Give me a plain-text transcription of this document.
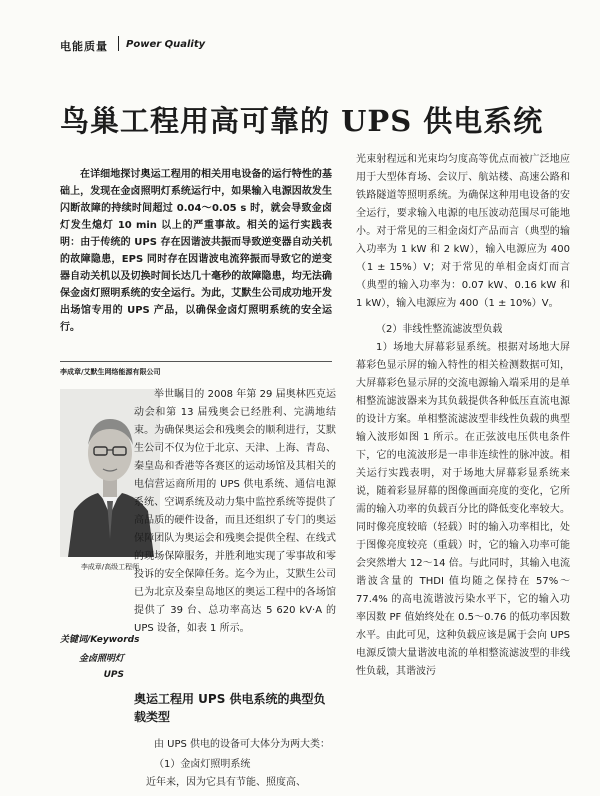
电能质量 Power Quality
鸟巢工程用高可靠的 UPS 供电系统
在详细地探讨奥运工程用的相关用电设备的运行特性的基础上，发现在金卤照明灯系统运行中，如果输入电源因故发生闪断故障的持续时间超过 0.04～0.05 s 时，就会导致金卤灯发生熄灯 10 min 以上的严重事故。相关的运行实践表明：由于传统的 UPS 存在因谐波共振而导致逆变器自动关机的故障隐患，EPS 同时存在因谐波电流猝振而导致它的逆变器自动关机以及切换时间长达几十毫秒的故障隐患，均无法确保金卤灯照明系统的安全运行。为此，艾默生公司成功地开发出场馆专用的 UPS 产品，以确保金卤灯照明系统的安全运行。
李成章/艾默生网络能源有限公司
李成章/高级工程师
关键词/Keywords
金卤照明灯
UPS
举世瞩目的 2008 年第 29 届奥林匹克运动会和第 13 届残奥会已经胜利、完满地结束。为确保奥运会和残奥会的顺利进行，艾默生公司不仅为位于北京、天津、上海、青岛、秦皇岛和香港等各赛区的运动场馆及其相关的电信营运商所用的 UPS 供电系统、通信电源系统、空调系统及动力集中监控系统等提供了高品质的硬件设备，而且还组织了专门的奥运保障团队为奥运会和残奥会提供全程、在线式的现场保障服务，并胜利地实现了零事故和零投诉的安全保障任务。迄今为止，艾默生公司已为北京及秦皇岛地区的奥运工程中的各场馆提供了 39 台、总功率高达 5 620 kV·A 的 UPS 设备，如表 1 所示。
奥运工程用 UPS 供电系统的典型负载类型
由 UPS 供电的设备可大体分为两大类：
（1）金卤灯照明系统
近年来，因为它具有节能、照度高、

光束射程远和光束均匀度高等优点而被广泛地应用于大型体育场、会议厅、航站楼、高速公路和铁路隧道等照明系统。为确保这种用电设备的安全运行，要求输入电源的电压波动范围尽可能地小。对于常见的三相金卤灯产品而言（典型的输入功率为 1 kW 和 2 kW），输入电源应为 400（1 ± 15%）V；对于常见的单相金卤灯而言（典型的输入功率为：0.07 kW、0.16 kW 和 1 kW），输入电源应为 400（1 ± 10%）V。

（2）非线性整流滤波型负载

1）场地大屏幕彩显系统。根据对场地大屏幕彩色显示屏的输入特性的相关检测数据可知，大屏幕彩色显示屏的交流电源输入端采用的是单相整流滤波器来为其负载提供各种低压直流电源的设计方案。单相整流滤波型非线性负载的典型输入波形如图 1 所示。在正弦波电压供电条件下，它的电流波形是一串非连续性的脉冲波。相关运行实践表明，对于场地大屏幕彩显系统来说，随着彩显屏幕的图像画面亮度的变化，它所需的输入功率的负载百分比的降低变化率较大。同时像亮度较暗（轻载）时的输入功率相比，处于图像亮度较亮（重载）时，它的输入功率可能会突然增大 12～14 倍。与此同时，其输入电流谐波含量的 THDI 值均随之保持在 57%～77.4% 的高电流谐波污染水平下，它的输入功率因数 PF 值始终处在 0.5～0.76 的低功率因数水平。由此可见，这种负载应该是属于会向 UPS 电源反馈大量谐波电流的单相整流滤波型的非线性负载，其谐波污
